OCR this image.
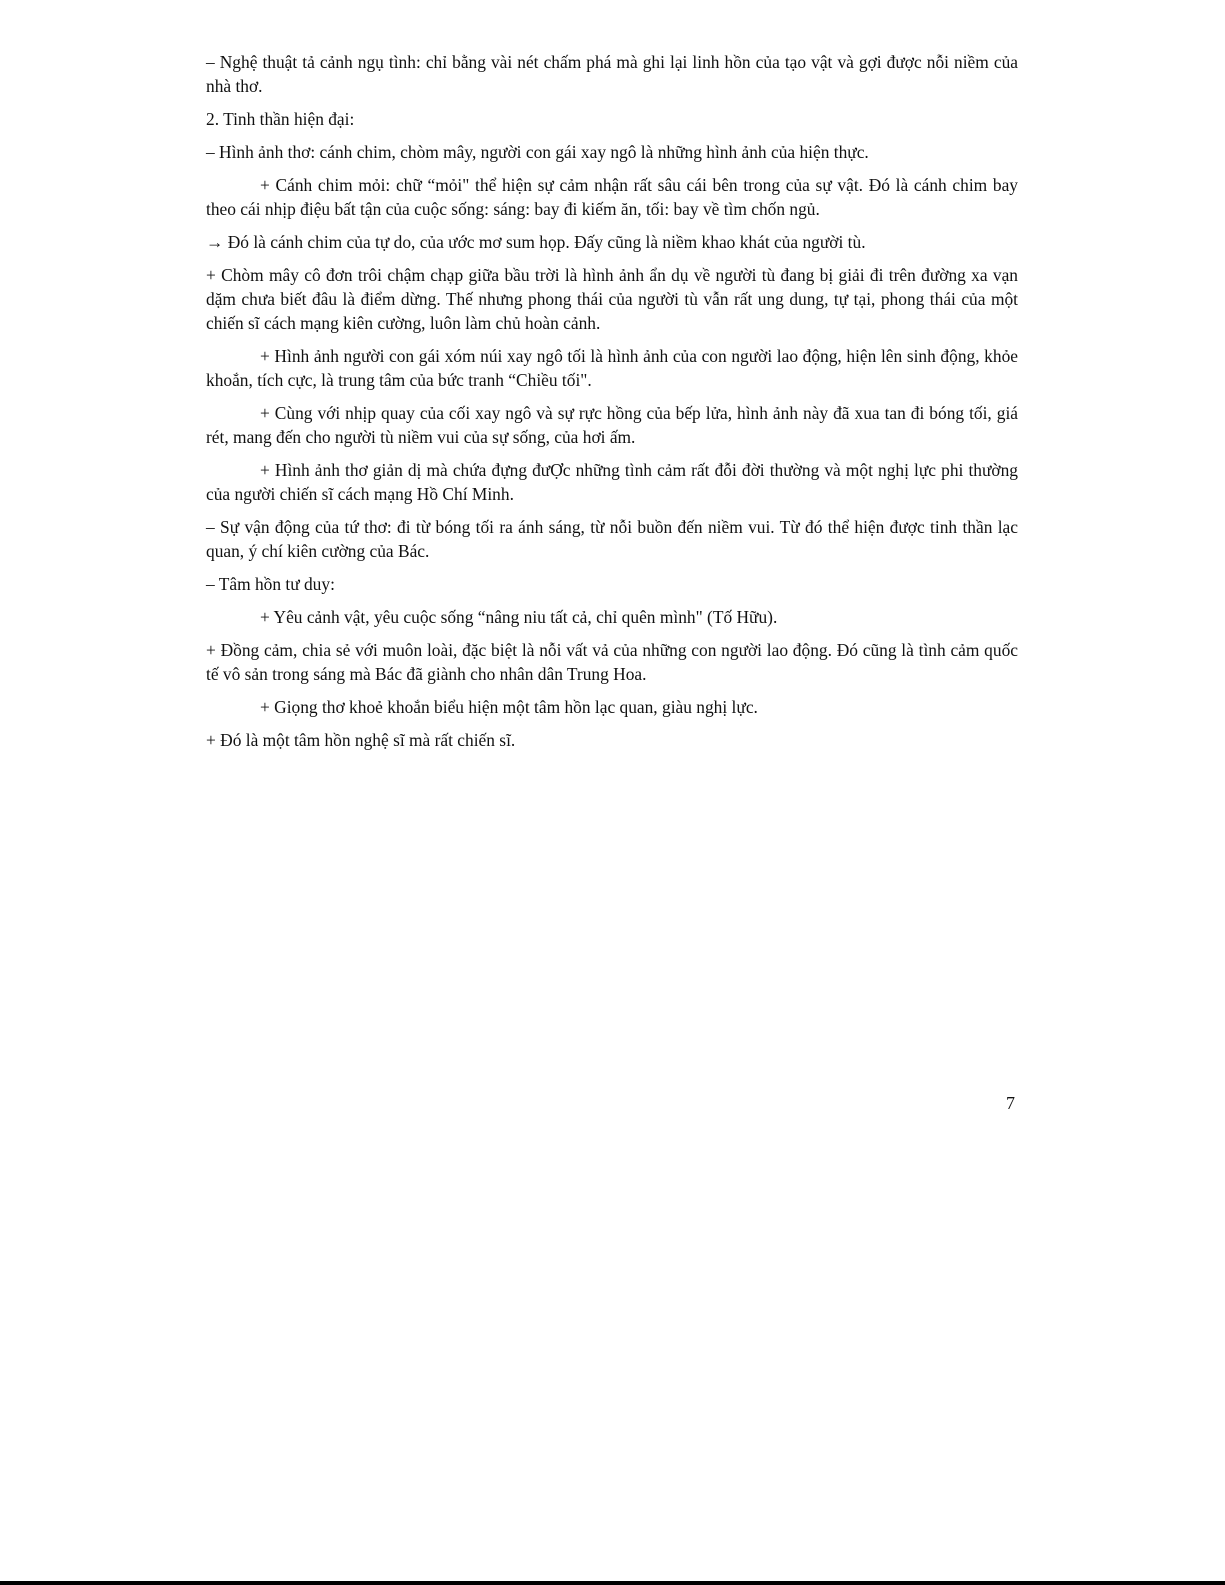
– Nghệ thuật tả cảnh ngụ tình: chỉ bằng vài nét chấm phá mà ghi lại linh hồn của tạo vật và gợi được nỗi niềm của nhà thơ.

2. Tinh thần hiện đại:

– Hình ảnh thơ: cánh chim, chòm mây, người con gái xay ngô là những hình ảnh của hiện thực.

+ Cánh chim mỏi: chữ “mỏi" thể hiện sự cảm nhận rất sâu cái bên trong của sự vật. Đó là cánh chim bay theo cái nhịp điệu bất tận của cuộc sống: sáng: bay đi kiếm ăn, tối: bay về tìm chốn ngủ.

→ Đó là cánh chim của tự do, của ước mơ sum họp. Đấy cũng là niềm khao khát của người tù.

+ Chòm mây cô đơn trôi chậm chạp giữa bầu trời là hình ảnh ẩn dụ về người tù đang bị giải đi trên đường xa vạn dặm chưa biết đâu là điểm dừng. Thế nhưng phong thái của người tù vẫn rất ung dung, tự tại, phong thái của một chiến sĩ cách mạng kiên cường, luôn làm chủ hoàn cảnh.

+ Hình ảnh người con gái xóm núi xay ngô tối là hình ảnh của con người lao động, hiện lên sinh động, khỏe khoắn, tích cực, là trung tâm của bức tranh “Chiều tối".

+ Cùng với nhịp quay của cối xay ngô và sự rực hồng của bếp lửa, hình ảnh này đã xua tan đi bóng tối, giá rét, mang đến cho người tù niềm vui của sự sống, của hơi ấm.

+ Hình ảnh thơ giản dị mà chứa đựng đưỢc những tình cảm rất đỗi đời thường và một nghị lực phi thường của người chiến sĩ cách mạng Hồ Chí Minh.

– Sự vận động của tứ thơ: đi từ bóng tối ra ánh sáng, từ nỗi buồn đến niềm vui. Từ đó thể hiện được tinh thần lạc quan, ý chí kiên cường của Bác.

– Tâm hồn tư duy:

+ Yêu cảnh vật, yêu cuộc sống “nâng niu tất cả, chỉ quên mình" (Tố Hữu).

+ Đồng cảm, chia sẻ với muôn loài, đặc biệt là nỗi vất vả của những con người lao động. Đó cũng là tình cảm quốc tế vô sản trong sáng mà Bác đã giành cho nhân dân Trung Hoa.

+ Giọng thơ khoẻ khoắn biểu hiện một tâm hồn lạc quan, giàu nghị lực.

+ Đó là một tâm hồn nghệ sĩ mà rất chiến sĩ.

7
